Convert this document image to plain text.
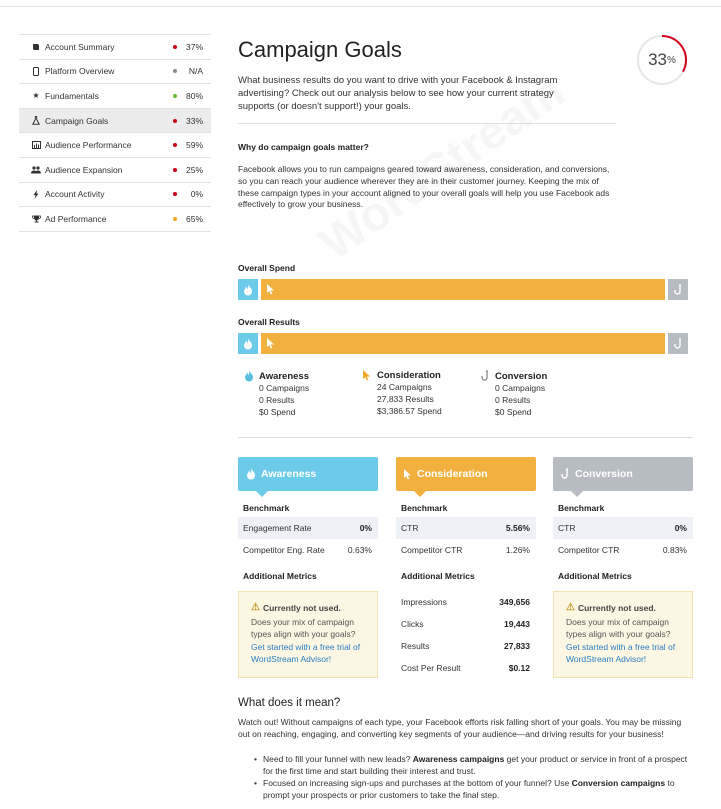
Account Summary	37%
Platform Overview	N/A
★ Fundamentals	80%
Campaign Goals	33%
Audience Performance	59%
Audience Expansion	25%
Account Activity	0%
Ad Performance	65%
Campaign Goals

What business results do you want to drive with your Facebook & Instagram advertising? Check out our analysis below to see how your current strategy supports (or doesn't support!) your goals.

Why do campaign goals matter?

Facebook allows you to run campaigns geared toward awareness, consideration, and conversions, so you can reach your audience wherever they are in their customer journey. Keeping the mix of these campaign types in your account aligned to your overall goals will help you use Facebook ads effectively to grow your business.

33 %
Overall Spend
Overall Results
Awareness
0 Campaigns
0 Results
$0 Spend
Consideration
24 Campaigns
27,833 Results
$3,386.57 Spend
Conversion
0 Campaigns
0 Results
$0 Spend
Awareness
Benchmark
Engagement Rate	0%
Competitor Eng. Rate	0.63%
Additional Metrics
⚠ Currently not used.
Does your mix of campaign types align with your goals?
Get started with a free trial of WordStream Advisor!
Consideration
Benchmark
CTR	5.56%
Competitor CTR	1.26%
Additional Metrics
Impressions	349,656
Clicks	19,443
Results	27,833
Cost Per Result	$0.12
Conversion
Benchmark
CTR	0%
Competitor CTR	0.83%
Additional Metrics
⚠ Currently not used.
Does your mix of campaign types align with your goals?
Get started with a free trial of WordStream Advisor!
What does it mean?

Watch out! Without campaigns of each type, your Facebook efforts risk falling short of your goals. You may be missing out on reaching, engaging, and converting key segments of your audience—and driving results for your business!

• Need to fill your funnel with new leads? Awareness campaigns get your product or service in front of a prospect for the first time and start building their interest and trust.
• Focused on increasing sign-ups and purchases at the bottom of your funnel? Use Conversion campaigns to prompt your prospects or prior customers to take the final step.
